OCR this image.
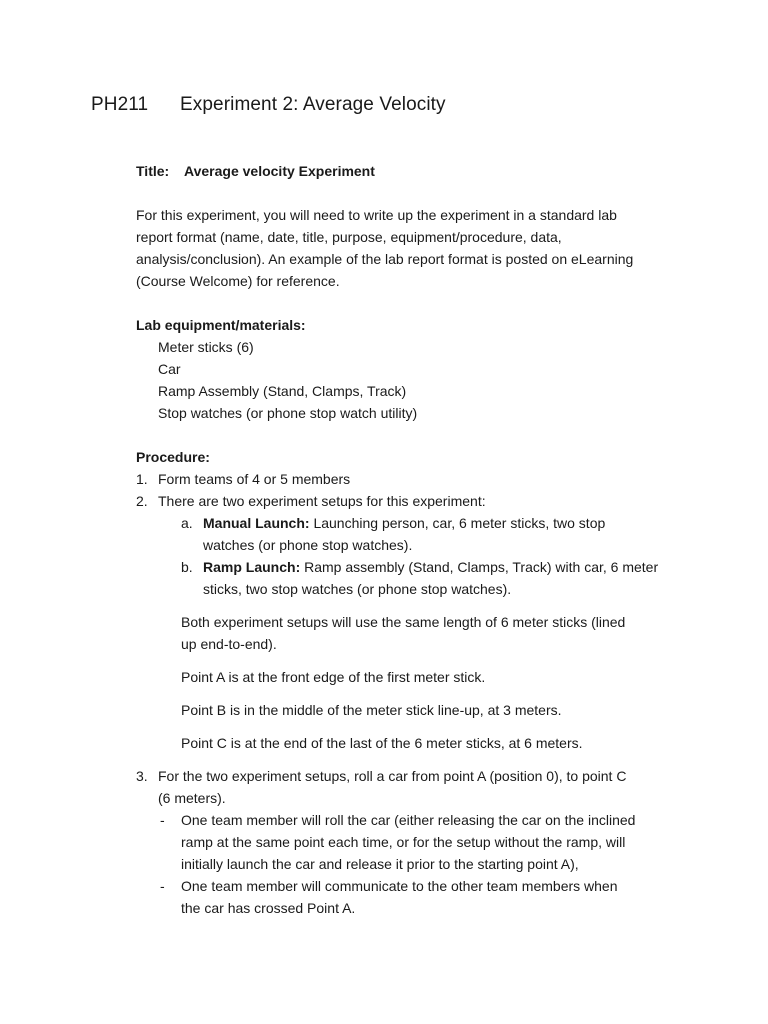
PH211 Experiment 2: Average Velocity

Title: Average velocity Experiment

For this experiment, you will need to write up the experiment in a standard lab

report format (name, date, title, purpose, equipment/procedure, data,

analysis/conclusion). An example of the lab report format is posted on eLearning

(Course Welcome) for reference.

Lab equipment/materials:

Meter sticks (6)

Car

Ramp Assembly (Stand, Clamps, Track)

Stop watches (or phone stop watch utility)

Procedure:

1. Form teams of 4 or 5 members

2. There are two experiment setups for this experiment:

a. Manual Launch: Launching person, car, 6 meter sticks, two stop

watches (or phone stop watches).

b. Ramp Launch: Ramp assembly (Stand, Clamps, Track) with car, 6 meter

sticks, two stop watches (or phone stop watches).

Both experiment setups will use the same length of 6 meter sticks (lined

up end-to-end).

Point A is at the front edge of the first meter stick.

Point B is in the middle of the meter stick line-up, at 3 meters.

Point C is at the end of the last of the 6 meter sticks, at 6 meters.

3. For the two experiment setups, roll a car from point A (position 0), to point C

(6 meters).

- One team member will roll the car (either releasing the car on the inclined

ramp at the same point each time, or for the setup without the ramp, will

initially launch the car and release it prior to the starting point A),

- One team member will communicate to the other team members when

the car has crossed Point A.
